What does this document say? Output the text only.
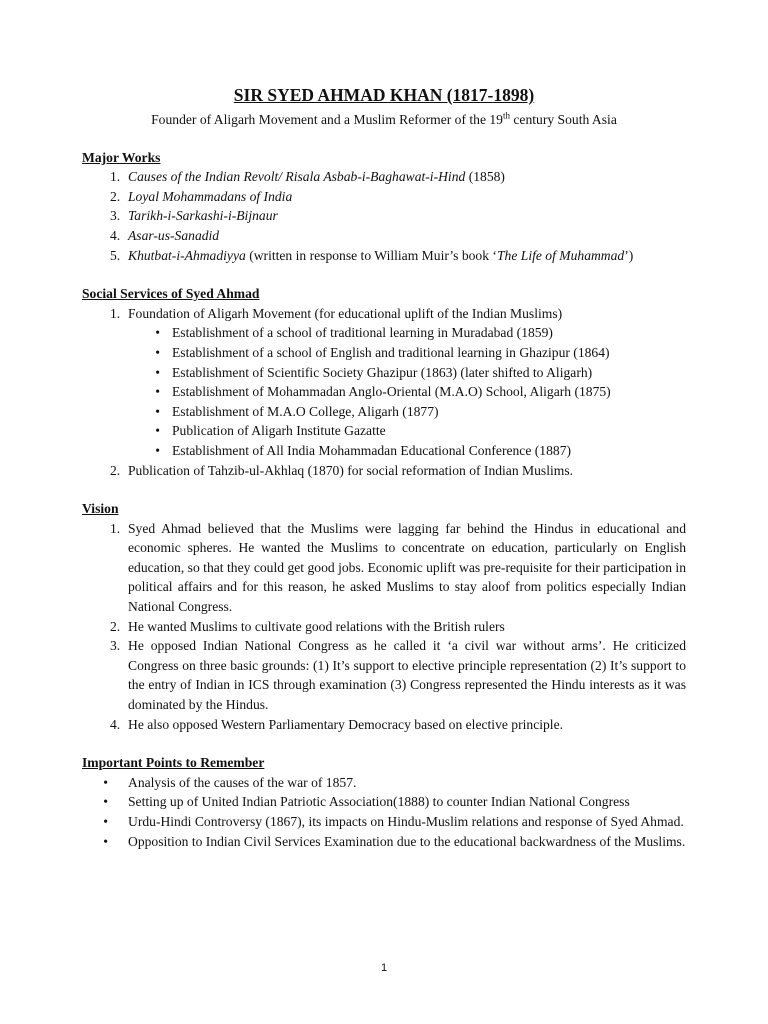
SIR SYED AHMAD KHAN (1817-1898)
Founder of Aligarh Movement and a Muslim Reformer of the 19th century South Asia
Major Works
1. Causes of the Indian Revolt/ Risala Asbab-i-Baghawat-i-Hind (1858)
2. Loyal Mohammadans of India
3. Tarikh-i-Sarkashi-i-Bijnaur
4. Asar-us-Sanadid
5. Khutbat-i-Ahmadiyya (written in response to William Muir’s book ‘The Life of Muhammad’)
Social Services of Syed Ahmad
1. Foundation of Aligarh Movement (for educational uplift of the Indian Muslims)
• Establishment of a school of traditional learning in Muradabad (1859)
• Establishment of a school of English and traditional learning in Ghazipur (1864)
• Establishment of Scientific Society Ghazipur (1863) (later shifted to Aligarh)
• Establishment of Mohammadan Anglo-Oriental (M.A.O) School, Aligarh (1875)
• Establishment of M.A.O College, Aligarh (1877)
• Publication of Aligarh Institute Gazatte
• Establishment of All India Mohammadan Educational Conference (1887)
2. Publication of Tahzib-ul-Akhlaq (1870) for social reformation of Indian Muslims.
Vision
1. Syed Ahmad believed that the Muslims were lagging far behind the Hindus in educational and economic spheres. He wanted the Muslims to concentrate on education, particularly on English education, so that they could get good jobs. Economic uplift was pre-requisite for their participation in political affairs and for this reason, he asked Muslims to stay aloof from politics especially Indian National Congress.
2. He wanted Muslims to cultivate good relations with the British rulers
3. He opposed Indian National Congress as he called it ‘a civil war without arms’. He criticized Congress on three basic grounds: (1) It’s support to elective principle representation (2) It’s support to the entry of Indian in ICS through examination (3) Congress represented the Hindu interests as it was dominated by the Hindus.
4. He also opposed Western Parliamentary Democracy based on elective principle.
Important Points to Remember
•	Analysis of the causes of the war of 1857.
•	Setting up of United Indian Patriotic Association(1888) to counter Indian National Congress
•	Urdu-Hindi Controversy (1867), its impacts on Hindu-Muslim relations and response of Syed Ahmad.
•	Opposition to Indian Civil Services Examination due to the educational backwardness of the Muslims.
1
